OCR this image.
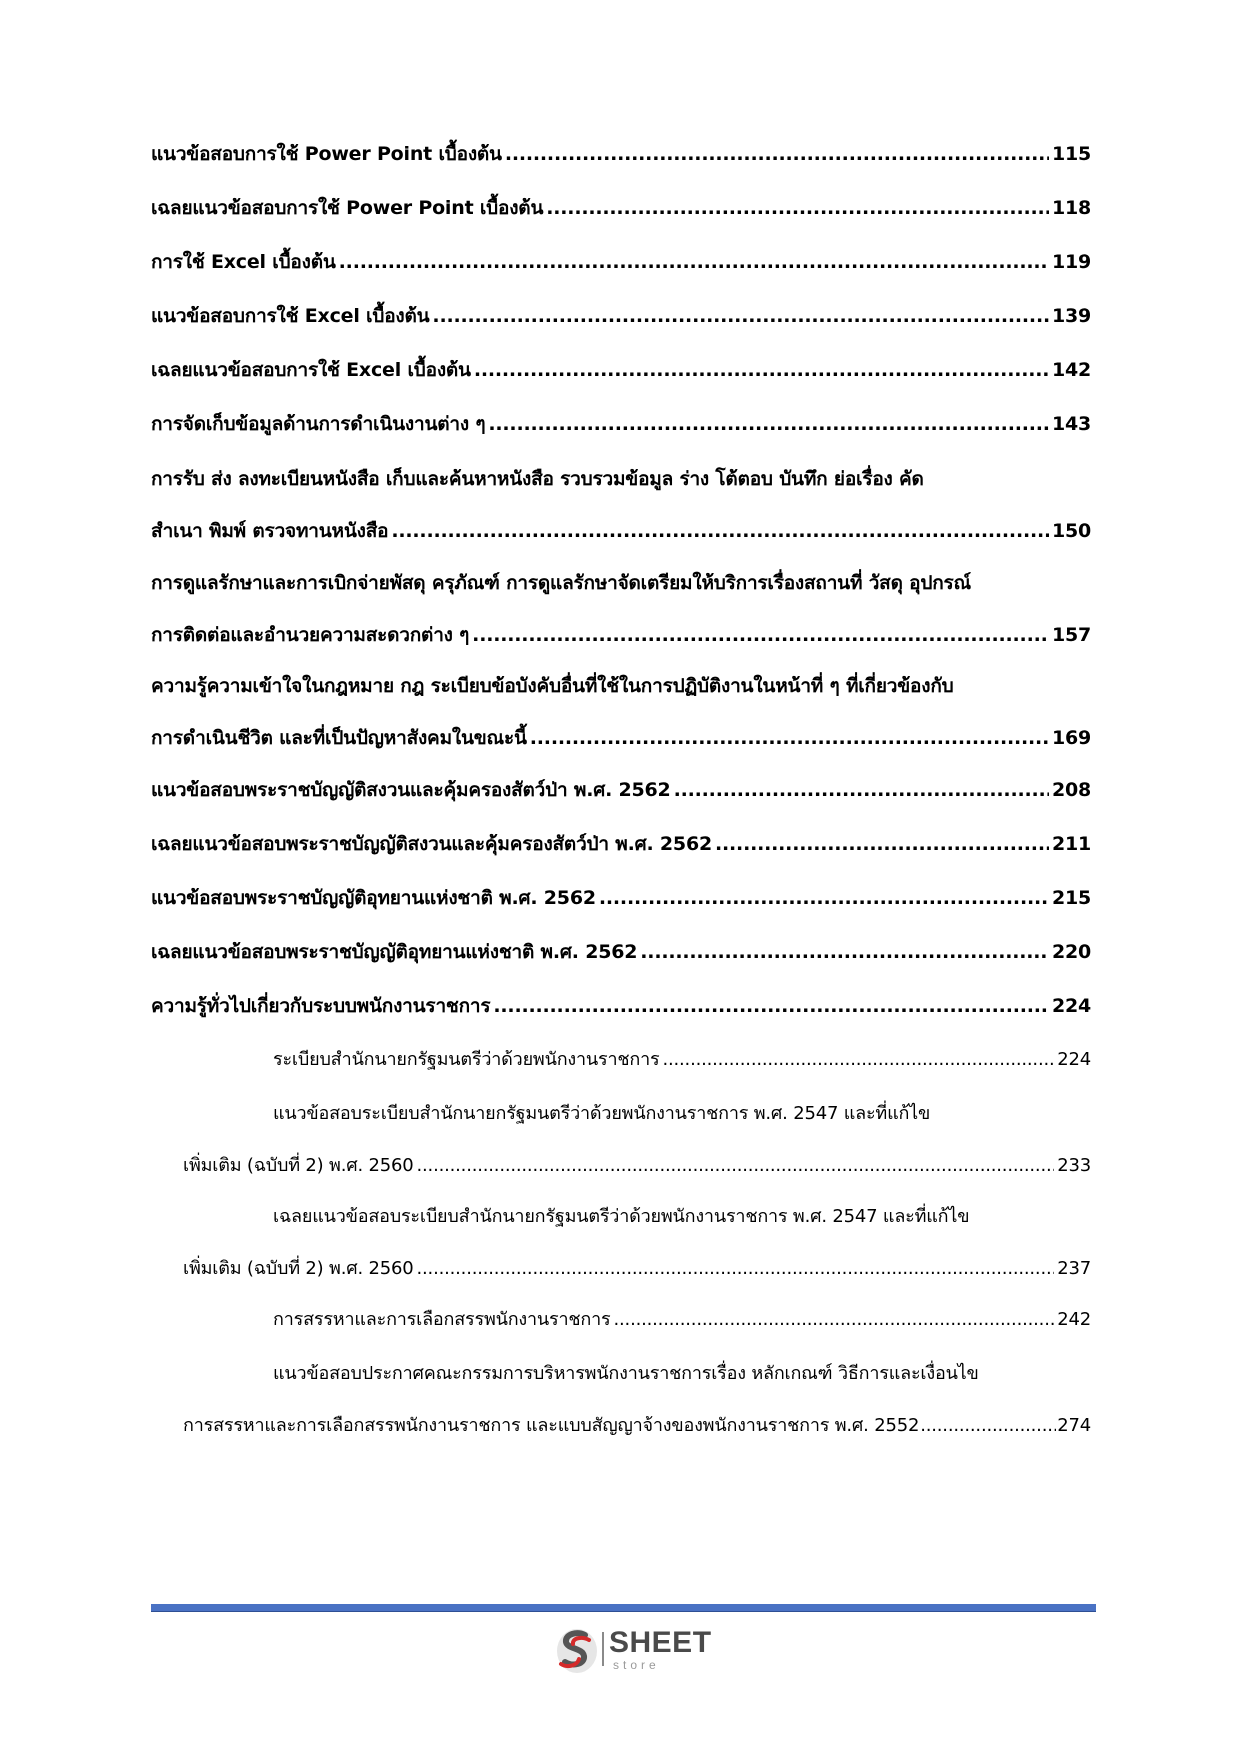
แนวข้อสอบการใช้ Power Point เบื้องต้น .....	115
เฉลยแนวข้อสอบการใช้ Power Point เบื้องต้น .....	118
การใช้ Excel เบื้องต้น .....	119
แนวข้อสอบการใช้ Excel เบื้องต้น .....	139
เฉลยแนวข้อสอบการใช้ Excel เบื้องต้น .....	142
การจัดเก็บข้อมูลด้านการดำเนินงานต่าง ๆ .....	143
การรับ ส่ง ลงทะเบียนหนังสือ เก็บและค้นหาหนังสือ รวบรวมข้อมูล ร่าง โต้ตอบ บันทึก ย่อเรื่อง คัด
สำเนา พิมพ์ ตรวจทานหนังสือ .....	150
การดูแลรักษาและการเบิกจ่ายพัสดุ ครุภัณฑ์ การดูแลรักษาจัดเตรียมให้บริการเรื่องสถานที่ วัสดุ อุปกรณ์
การติดต่อและอำนวยความสะดวกต่าง ๆ .....	157
ความรู้ความเข้าใจในกฎหมาย กฎ ระเบียบข้อบังคับอื่นที่ใช้ในการปฏิบัติงานในหน้าที่ ๆ ที่เกี่ยวข้องกับ
การดำเนินชีวิต และที่เป็นปัญหาสังคมในขณะนี้ .....	169
แนวข้อสอบพระราชบัญญัติสงวนและคุ้มครองสัตว์ป่า พ.ศ. 2562 .....	208
เฉลยแนวข้อสอบพระราชบัญญัติสงวนและคุ้มครองสัตว์ป่า พ.ศ. 2562 .....	211
แนวข้อสอบพระราชบัญญัติอุทยานแห่งชาติ พ.ศ. 2562 .....	215
เฉลยแนวข้อสอบพระราชบัญญัติอุทยานแห่งชาติ พ.ศ. 2562 .....	220
ความรู้ทั่วไปเกี่ยวกับระบบพนักงานราชการ .....	224
ระเบียบสำนักนายกรัฐมนตรีว่าด้วยพนักงานราชการ .....	224
แนวข้อสอบระเบียบสำนักนายกรัฐมนตรีว่าด้วยพนักงานราชการ พ.ศ. 2547 และที่แก้ไข
เพิ่มเติม (ฉบับที่ 2) พ.ศ. 2560 .....	233
เฉลยแนวข้อสอบระเบียบสำนักนายกรัฐมนตรีว่าด้วยพนักงานราชการ พ.ศ. 2547 และที่แก้ไข
เพิ่มเติม (ฉบับที่ 2) พ.ศ. 2560 .....	237
การสรรหาและการเลือกสรรพนักงานราชการ .....	242
แนวข้อสอบประกาศคณะกรรมการบริหารพนักงานราชการเรื่อง หลักเกณฑ์ วิธีการและเงื่อนไข
การสรรหาและการเลือกสรรพนักงานราชการ และแบบสัญญาจ้างของพนักงานราชการ พ.ศ. 2552 .....	274
SHEET
store
